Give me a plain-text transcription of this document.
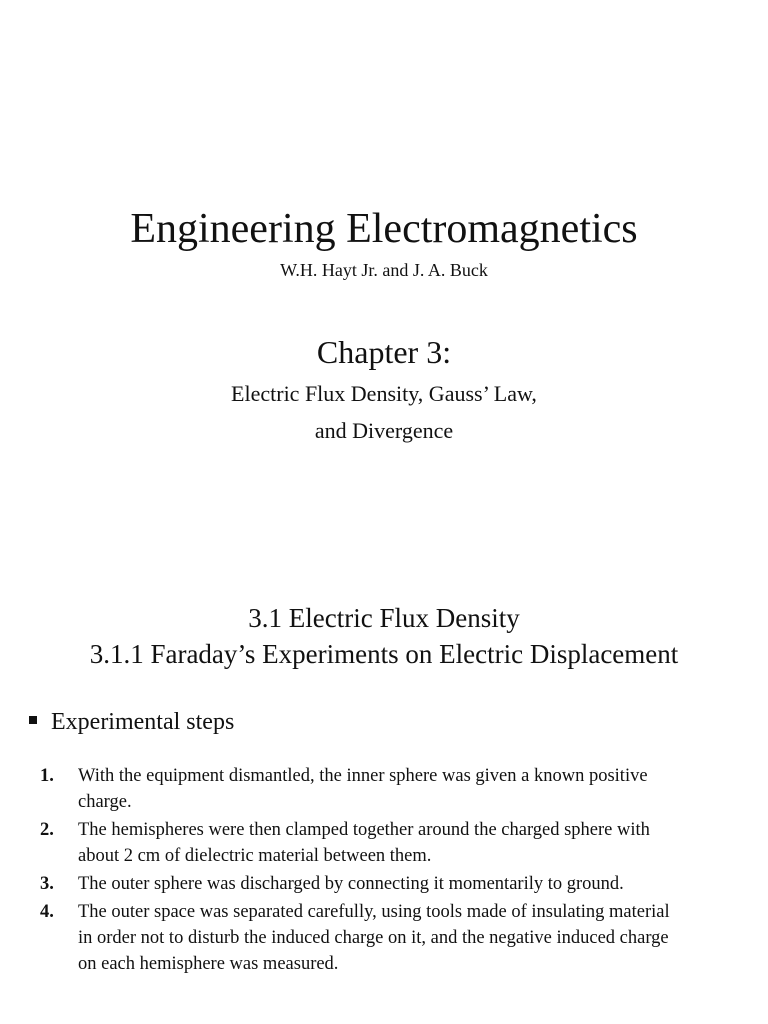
Engineering Electromagnetics
W.H. Hayt Jr. and J. A. Buck
Chapter 3:
Electric Flux Density, Gauss’ Law,
and Divergence
3.1 Electric Flux Density
3.1.1 Faraday’s Experiments on Electric Displacement
Experimental steps
1. With the equipment dismantled, the inner sphere was given a known positive
charge.
2. The hemispheres were then clamped together around the charged sphere with
about 2 cm of dielectric material between them.
3. The outer sphere was discharged by connecting it momentarily to ground.
4. The outer space was separated carefully, using tools made of insulating material
in order not to disturb the induced charge on it, and the negative induced charge
on each hemisphere was measured.
